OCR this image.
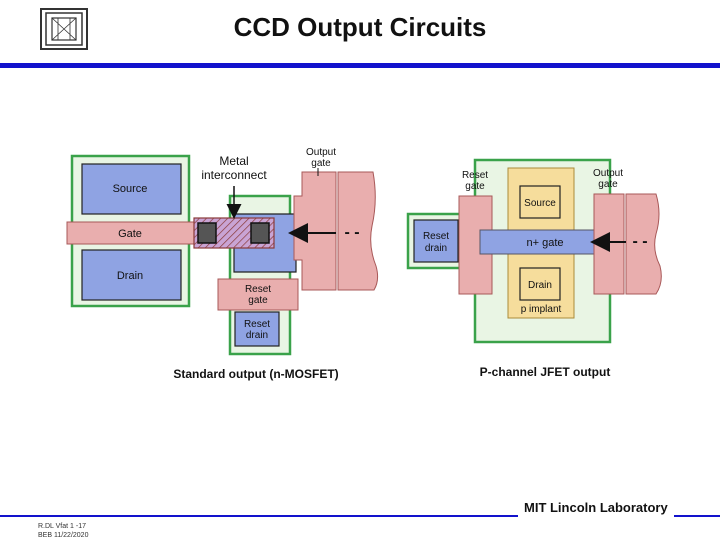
CCD Output Circuits
Source
Gate
Drain
Metal
interconnect
Output
gate
Reset
gate
Reset
drain
- -
Standard output (n-MOSFET)
Reset
gate
Output
gate
Source
Reset
drain	n+ gate
Drain
p implant
- -
P-channel JFET output
R.DL Vfat 1 -17
BEB 11/22/2020
MIT Lincoln Laboratory
